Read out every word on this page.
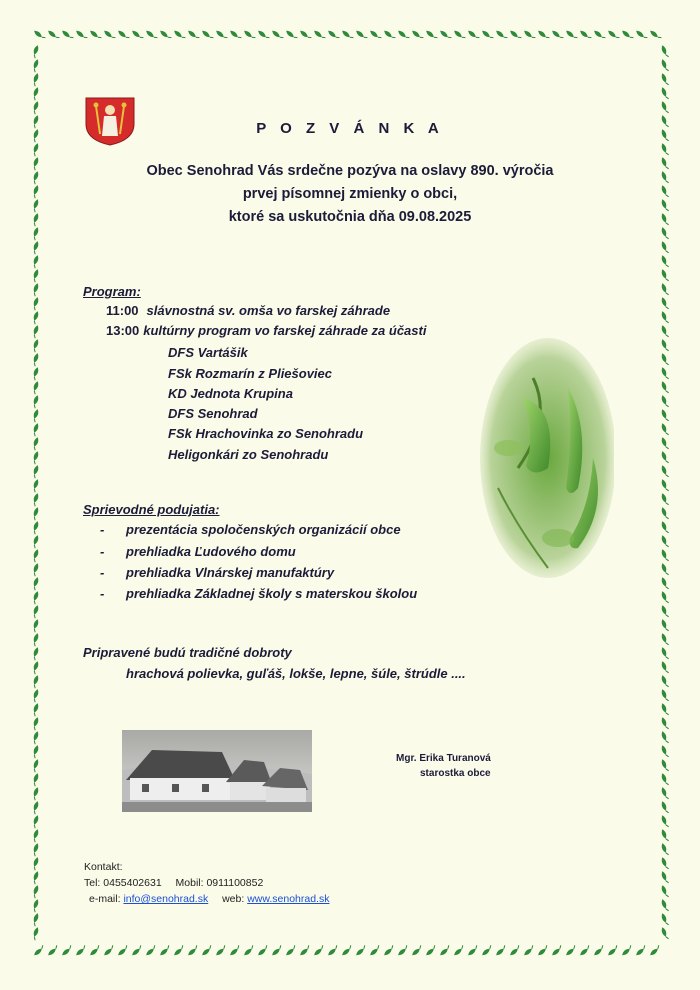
P O Z V Á N K A
Obec Senohrad Vás srdečne pozýva na oslavy 890. výročia
prvej písomnej zmienky o obci,
ktoré sa uskutočnia dňa 09.08.2025
Program:
11:00 slávnostná sv. omša vo farskej záhrade
13:00 kultúrny program vo farskej záhrade za účasti
DFS Vartášik
FSk Rozmarín z Pliešoviec
KD Jednota Krupina
DFS Senohrad
FSk Hrachovinka zo Senohradu
Heligonkári zo Senohradu
Sprievodné podujatia:
- prezentácia spoločenských organizácií obce
- prehliadka Ľudového domu
- prehliadka Vlnárskej manufaktúry
- prehliadka Základnej školy s materskou školou
Pripravené budú tradičné dobroty
hrachová polievka, guľáš, lokše, lepne, šúle, štrúdle ....
Mgr. Erika Turanová
starostka obce
Kontakt:
Tel: 0455402631 Mobil: 0911100852
e-mail: info@senohrad.sk web: www.senohrad.sk
